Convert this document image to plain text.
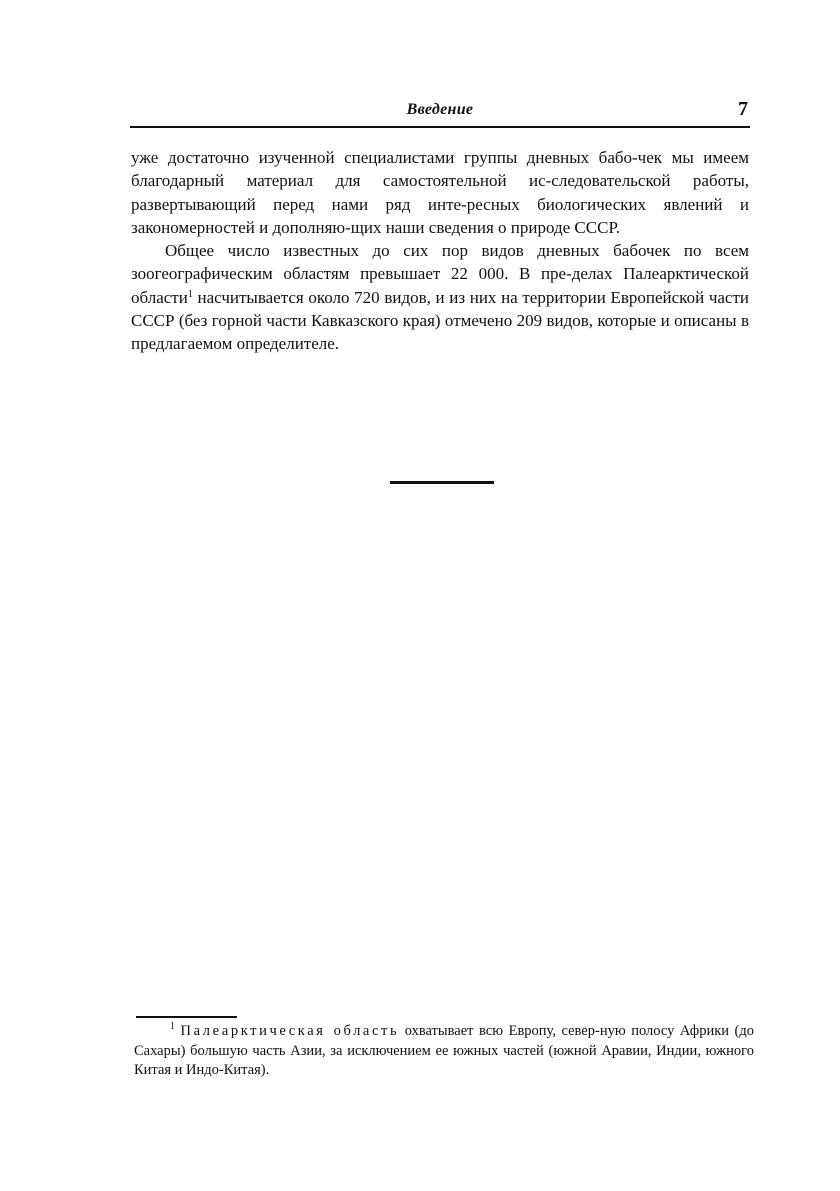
Введение	7

уже достаточно изученной специалистами группы дневных бабо-чек мы имеем благодарный материал для самостоятельной ис-следовательской работы, развертывающий перед нами ряд инте-ресных биологических явлений и закономерностей и дополняю-щих наши сведения о природе СССР.

Общее число известных до сих пор видов дневных бабочек по всем зоогеографическим областям превышает 22 000. В пре-делах Палеарктической области$^1$ насчитывается около 720 видов, и из них на территории Европейской части СССР (без горной части Кавказского края) отмечено 209 видов, которые и описаны в предлагаемом определителе.

$^1$ Палеарктическая область охватывает всю Европу, север-ную полосу Африки (до Сахары) большую часть Азии, за исключением ее южных частей (южной Аравии, Индии, южного Китая и Индо-Китая).
